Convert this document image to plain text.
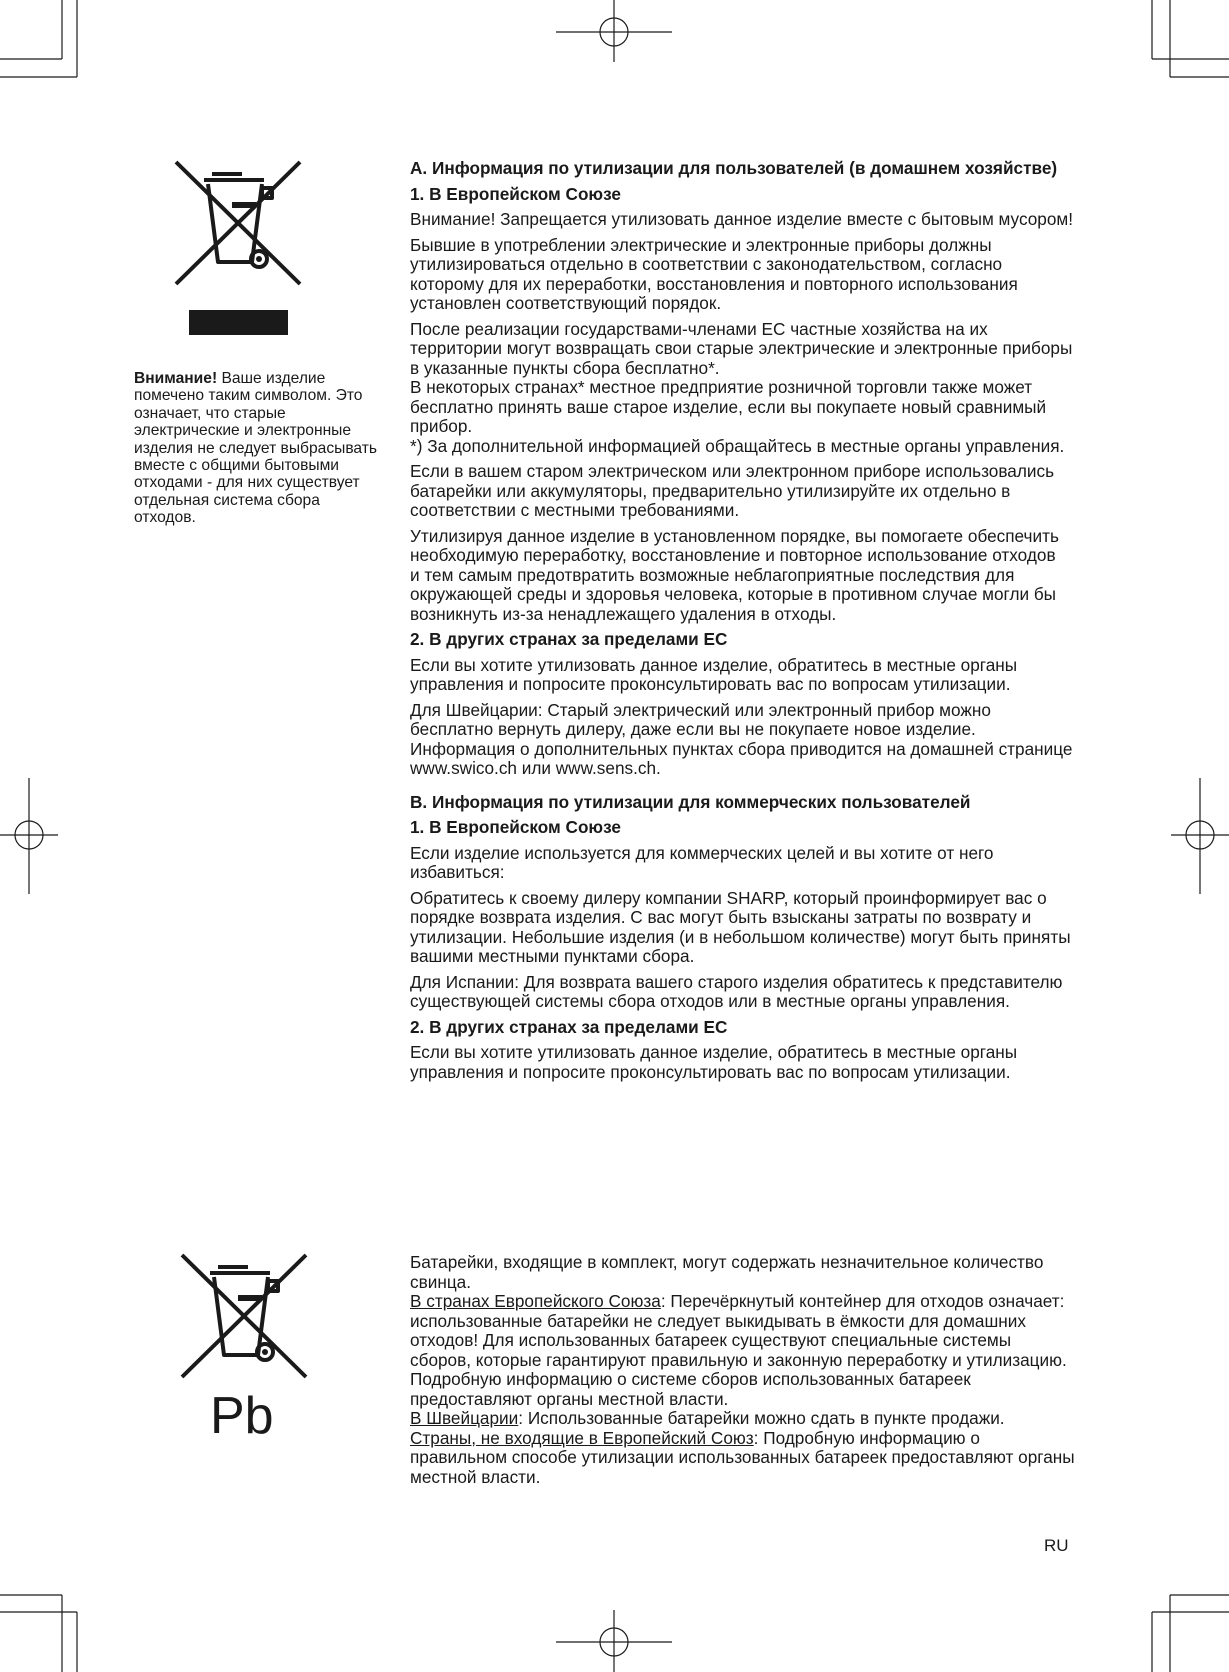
Внимание! Ваше изделие помечено таким символом. Это означает, что старые электрические и электронные изделия не следует выбрасывать вместе с общими бытовыми отходами - для них существует отдельная система сбора отходов.
A. Информация по утилизации для пользователей (в домашнем хозяйстве)
1. В Европейском Союзе

Внимание! Запрещается утилизовать данное изделие вместе с бытовым мусором!

Бывшие в употреблении электрические и электронные приборы должны утилизироваться отдельно в соответствии с законодательством, согласно которому для их переработки, восстановления и повторного использования установлен соответствующий порядок.

После реализации государствами-членами ЕС частные хозяйства на их территории могут возвращать свои старые электрические и электронные приборы в указанные пункты сбора бесплатно*.
В некоторых странах* местное предприятие розничной торговли также может бесплатно принять ваше старое изделие, если вы покупаете новый сравнимый прибор.
*) За дополнительной информацией обращайтесь в местные органы управления.

Если в вашем старом электрическом или электронном приборе использовались батарейки или аккумуляторы, предварительно утилизируйте их отдельно в соответствии с местными требованиями.

Утилизируя данное изделие в установленном порядке, вы помогаете обеспечить необходимую переработку, восстановление и повторное использование отходов
и тем самым предотвратить возможные неблагоприятные последствия для окружающей среды и здоровья человека, которые в противном случае могли бы возникнуть из-за ненадлежащего удаления в отходы.

2. В других странах за пределами ЕС

Если вы хотите утилизовать данное изделие, обратитесь в местные органы управления и попросите проконсультировать вас по вопросам утилизации.

Для Швейцарии: Старый электрический или электронный прибор можно бесплатно вернуть дилеру, даже если вы не покупаете новое изделие. Информация о дополнительных пунктах сбора приводится на домашней странице www.swico.ch или www.sens.ch.

B. Информация по утилизации для коммерческих пользователей
1. В Европейском Союзе

Если изделие используется для коммерческих целей и вы хотите от него избавиться:

Обратитесь к своему дилеру компании SHARP, который проинформирует вас о порядке возврата изделия. С вас могут быть взысканы затраты по возврату и утилизации. Небольшие изделия (и в небольшом количестве) могут быть приняты вашими местными пунктами сбора.

Для Испании: Для возврата вашего старого изделия обратитесь к представителю существующей системы сбора отходов или в местные органы управления.

2. В других странах за пределами ЕС

Если вы хотите утилизовать данное изделие, обратитесь в местные органы управления и попросите проконсультировать вас по вопросам утилизации.

Pb

Батарейки, входящие в комплект, могут содержать незначительное количество свинца.

В странах Европейского Союза: Перечёркнутый контейнер для отходов означает:

использованные батарейки не следует выкидывать в ёмкости для домашних отходов! Для использованных батареек существуют специальные системы сборов, которые гарантируют правильную и законную переработку и утилизацию.

Подробную информацию о системе сборов использованных батареек предоставляют органы местной власти.

В Швейцарии: Использованные батарейки можно сдать в пункте продажи.

Страны, не входящие в Европейский Союз: Подробную информацию о правильном способе утилизации использованных батареек предоставляют органы местной власти.

RU
